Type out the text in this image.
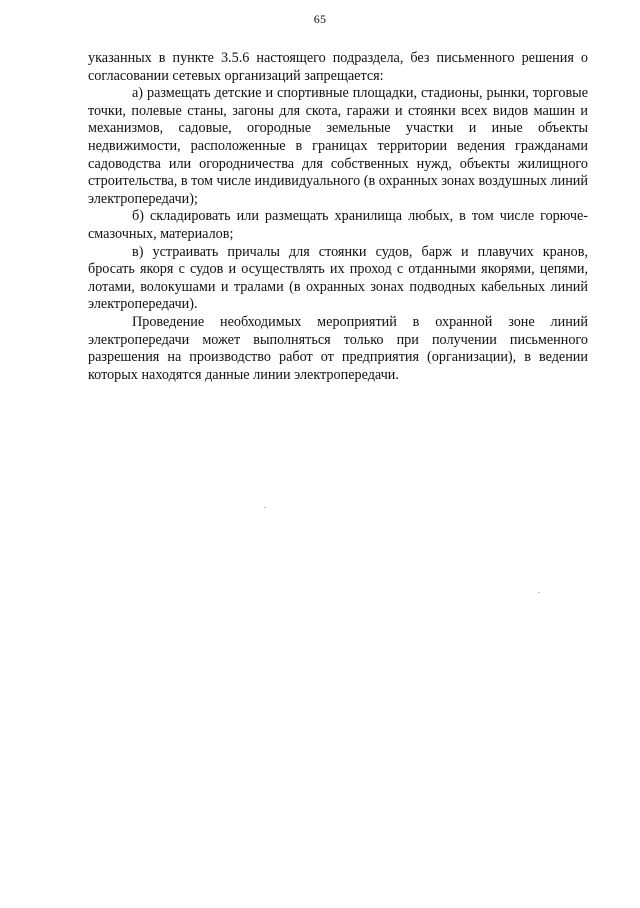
65

указанных в пункте 3.5.6 настоящего подраздела, без письменного решения о согласовании сетевых организаций запрещается:

а) размещать детские и спортивные площадки, стадионы, рынки, торговые точки, полевые станы, загоны для скота, гаражи и стоянки всех видов машин и механизмов, садовые, огородные земельные участки и иные объекты недвижимости, расположенные в границах территории ведения гражданами садоводства или огородничества для собственных нужд, объекты жилищного строительства, в том числе индивидуального (в охранных зонах воздушных линий электропередачи);

б) складировать или размещать хранилища любых, в том числе горюче-смазочных, материалов;

в) устраивать причалы для стоянки судов, барж и плавучих кранов, бросать якоря с судов и осуществлять их проход с отданными якорями, цепями, лотами, волокушами и тралами (в охранных зонах подводных кабельных линий электропередачи).

Проведение необходимых мероприятий в охранной зоне линий электропередачи может выполняться только при получении письменного разрешения на производство работ от предприятия (организации), в ведении которых находятся данные линии электропередачи.
